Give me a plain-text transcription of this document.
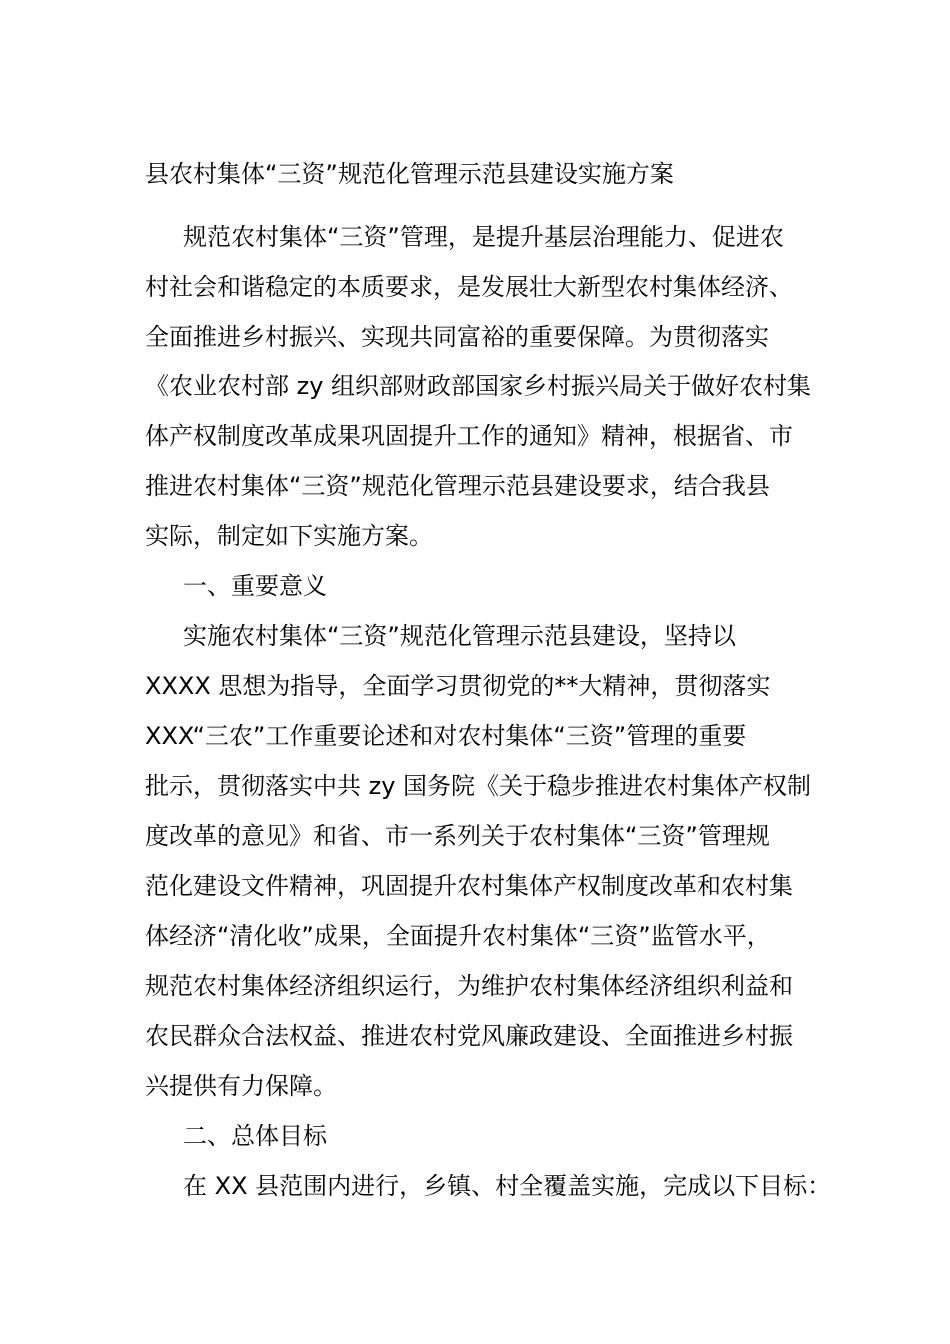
县农村集体“三资”规范化管理示范县建设实施方案
规范农村集体“三资”管理，是提升基层治理能力、促进农
村社会和谐稳定的本质要求，是发展壮大新型农村集体经济、
全面推进乡村振兴、实现共同富裕的重要保障。为贯彻落实
《农业农村部 zy 组织部财政部国家乡村振兴局关于做好农村集
体产权制度改革成果巩固提升工作的通知》精神，根据省、市
推进农村集体“三资”规范化管理示范县建设要求，结合我县
实际，制定如下实施方案。
一、重要意义
实施农村集体“三资”规范化管理示范县建设，坚持以
XXXX 思想为指导，全面学习贯彻党的**大精神，贯彻落实
XXX“三农”工作重要论述和对农村集体“三资”管理的重要
批示，贯彻落实中共 zy 国务院《关于稳步推进农村集体产权制
度改革的意见》和省、市一系列关于农村集体“三资”管理规
范化建设文件精神，巩固提升农村集体产权制度改革和农村集
体经济“清化收”成果，全面提升农村集体“三资”监管水平，
规范农村集体经济组织运行，为维护农村集体经济组织利益和
农民群众合法权益、推进农村党风廉政建设、全面推进乡村振
兴提供有力保障。
二、总体目标
在 XX 县范围内进行，乡镇、村全覆盖实施，完成以下目标：
